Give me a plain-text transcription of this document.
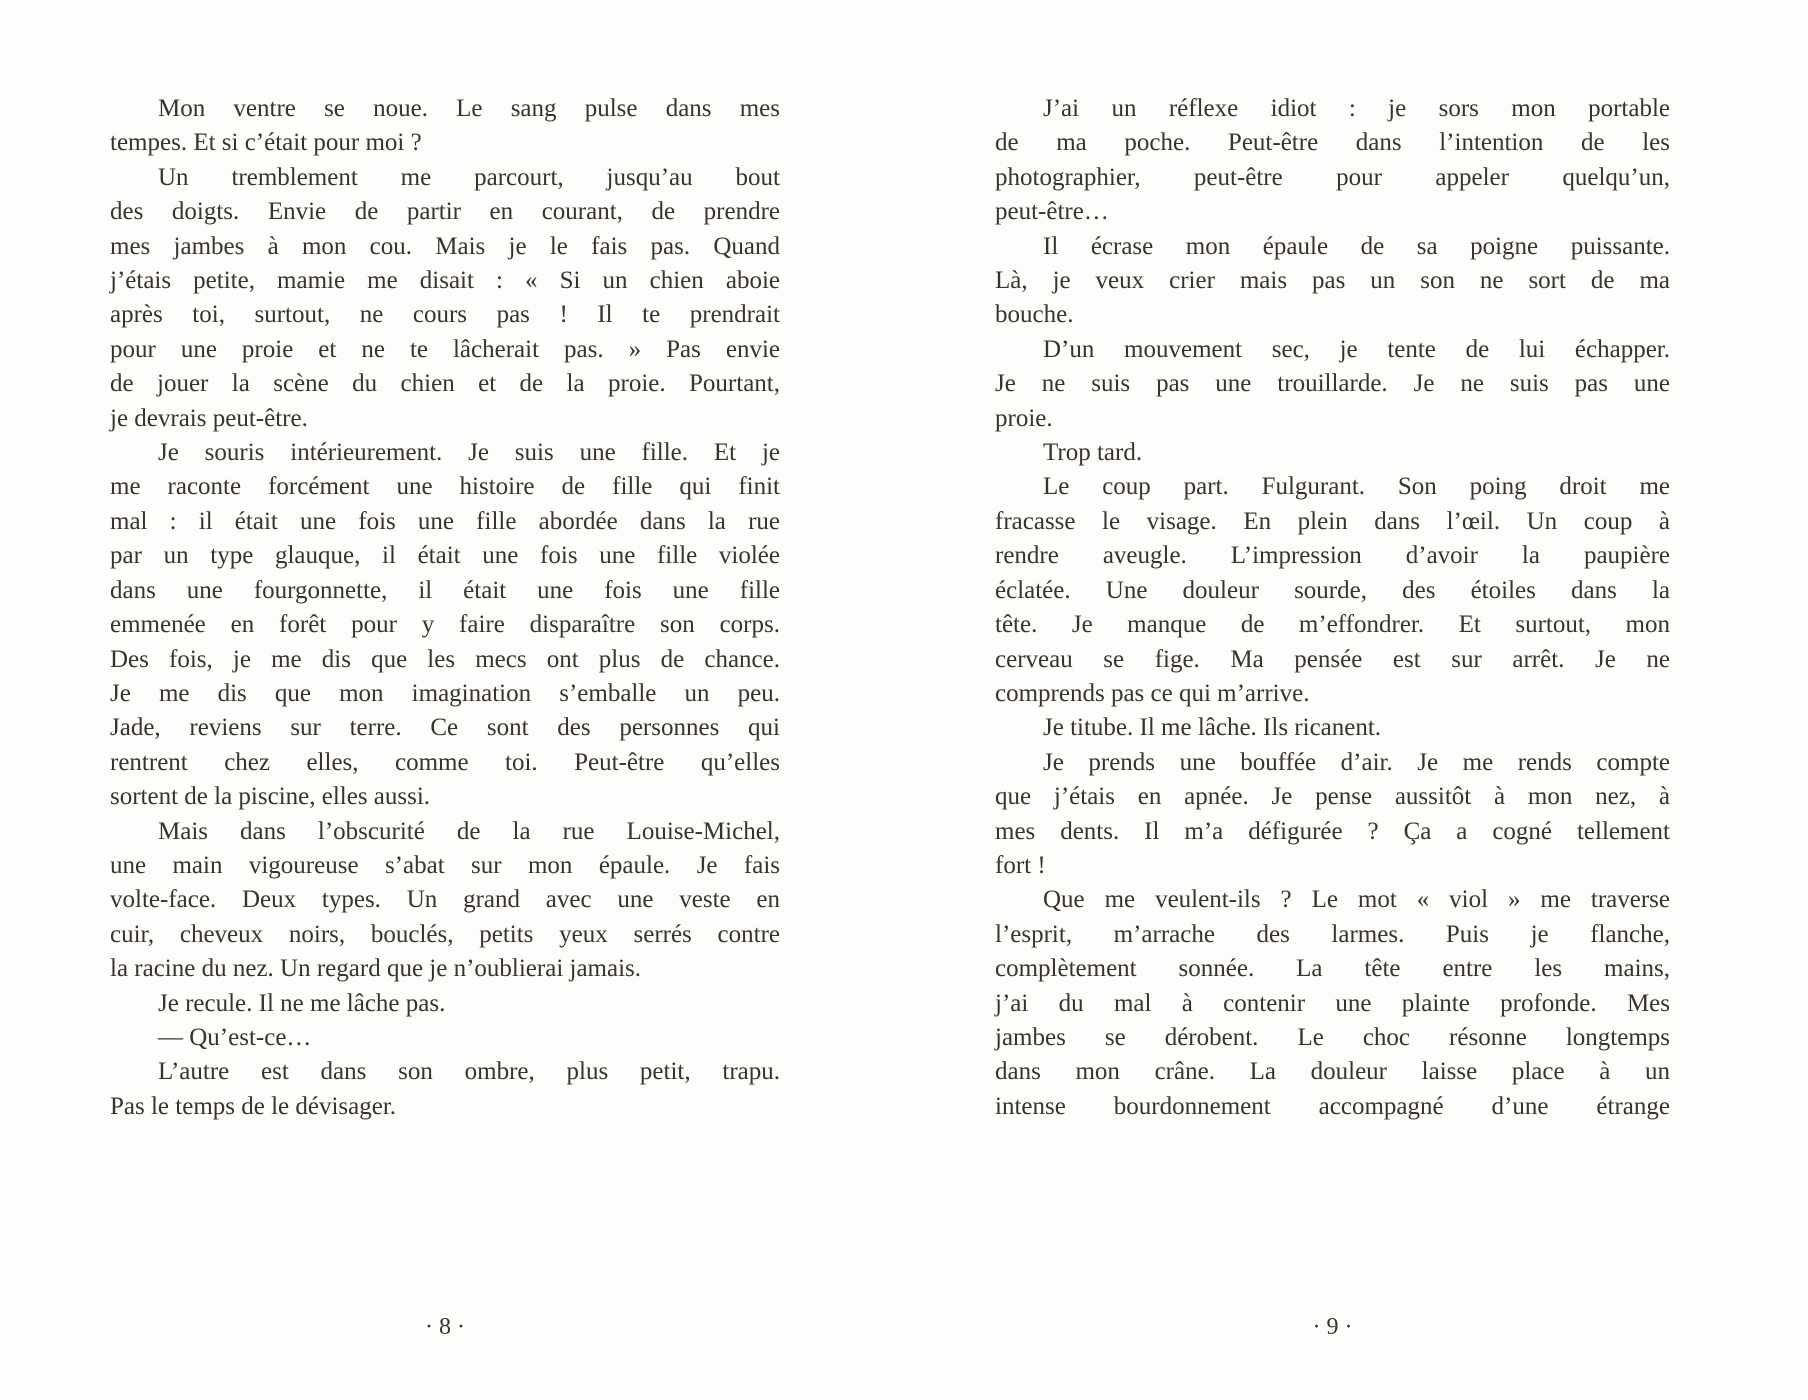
Mon ventre se noue. Le sang pulse dans mes
tempes. Et si c’était pour moi ?
Un tremblement me parcourt, jusqu’au bout
des doigts. Envie de partir en courant, de prendre
mes jambes à mon cou. Mais je le fais pas. Quand
j’étais petite, mamie me disait : « Si un chien aboie
après toi, surtout, ne cours pas ! Il te prendrait
pour une proie et ne te lâcherait pas. » Pas envie
de jouer la scène du chien et de la proie. Pourtant,
je devrais peut-être.
Je souris intérieurement. Je suis une fille. Et je
me raconte forcément une histoire de fille qui finit
mal : il était une fois une fille abordée dans la rue
par un type glauque, il était une fois une fille violée
dans une fourgonnette, il était une fois une fille
emmenée en forêt pour y faire disparaître son corps.
Des fois, je me dis que les mecs ont plus de chance.
Je me dis que mon imagination s’emballe un peu.
Jade, reviens sur terre. Ce sont des personnes qui
rentrent chez elles, comme toi. Peut-être qu’elles
sortent de la piscine, elles aussi.
Mais dans l’obscurité de la rue Louise-Michel,
une main vigoureuse s’abat sur mon épaule. Je fais
volte-face. Deux types. Un grand avec une veste en
cuir, cheveux noirs, bouclés, petits yeux serrés contre
la racine du nez. Un regard que je n’oublierai jamais.
Je recule. Il ne me lâche pas.
— Qu’est-ce…
L’autre est dans son ombre, plus petit, trapu.
Pas le temps de le dévisager.
J’ai un réflexe idiot : je sors mon portable
de ma poche. Peut-être dans l’intention de les
photographier, peut-être pour appeler quelqu’un,
peut-être…
Il écrase mon épaule de sa poigne puissante.
Là, je veux crier mais pas un son ne sort de ma
bouche.
D’un mouvement sec, je tente de lui échapper.
Je ne suis pas une trouillarde. Je ne suis pas une
proie.
Trop tard.
Le coup part. Fulgurant. Son poing droit me
fracasse le visage. En plein dans l’œil. Un coup à
rendre aveugle. L’impression d’avoir la paupière
éclatée. Une douleur sourde, des étoiles dans la
tête. Je manque de m’effondrer. Et surtout, mon
cerveau se fige. Ma pensée est sur arrêt. Je ne
comprends pas ce qui m’arrive.
Je titube. Il me lâche. Ils ricanent.
Je prends une bouffée d’air. Je me rends compte
que j’étais en apnée. Je pense aussitôt à mon nez, à
mes dents. Il m’a défigurée ? Ça a cogné tellement
fort !
Que me veulent-ils ? Le mot « viol » me traverse
l’esprit, m’arrache des larmes. Puis je flanche,
complètement sonnée. La tête entre les mains,
j’ai du mal à contenir une plainte profonde. Mes
jambes se dérobent. Le choc résonne longtemps
dans mon crâne. La douleur laisse place à un
intense bourdonnement accompagné d’une étrange
·8·	·9·
